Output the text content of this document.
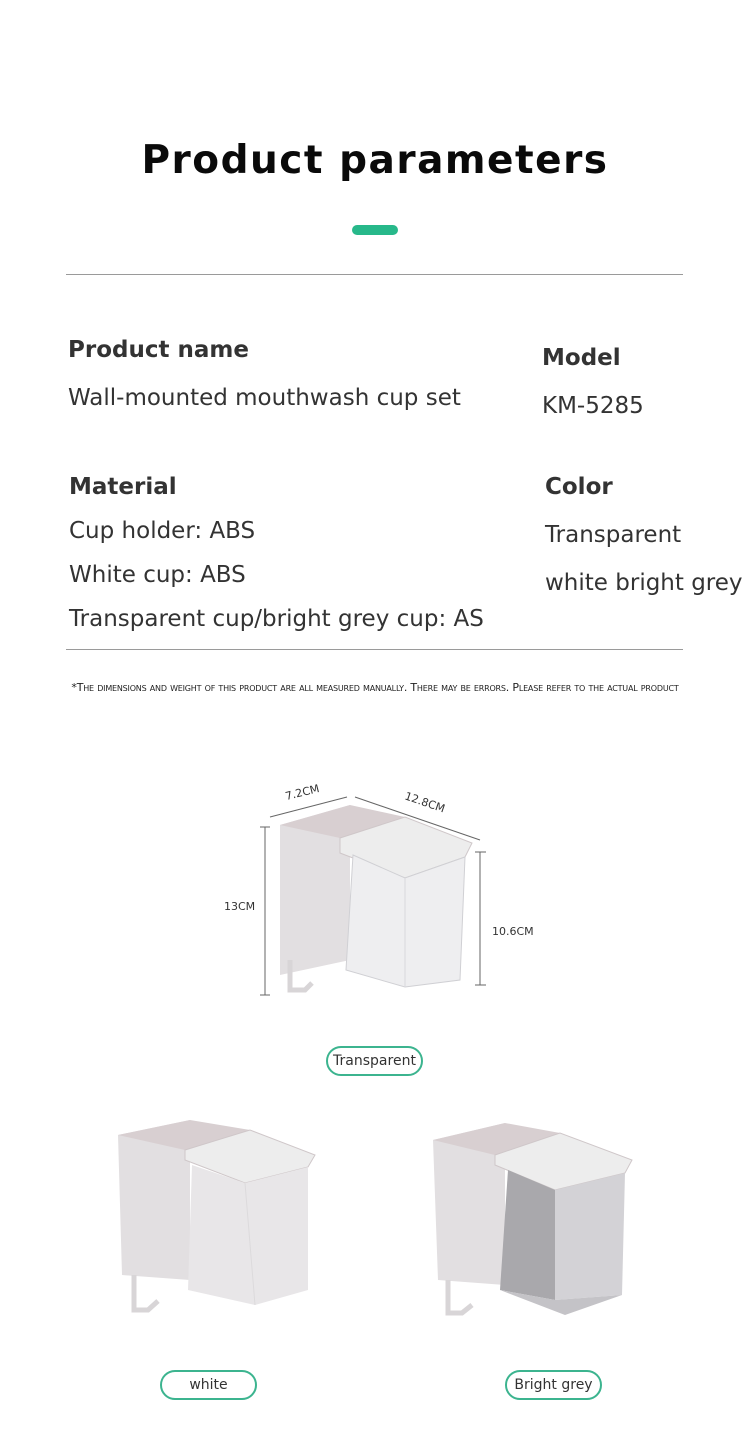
Product parameters
Product name
Wall-mounted mouthwash cup set
Model
KM-5285
Material
Cup holder: ABS
White cup: ABS
Transparent cup/bright grey cup: AS
Color
Transparent
white bright grey
*The dimensions and weight of this product are all measured manually. There may be errors. Please refer to the actual product
7.2CM	12.8CM
13CM
10.6CM
Transparent
white	Bright grey
